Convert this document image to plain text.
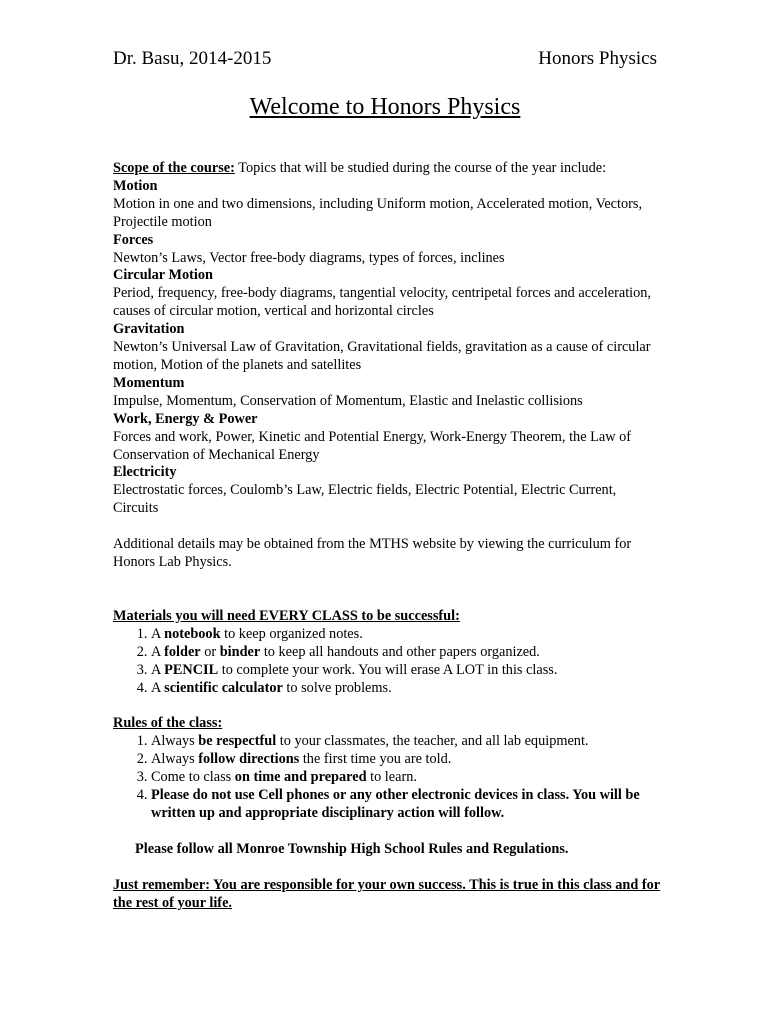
Dr. Basu, 2014-2015	Honors Physics
Welcome to Honors Physics

Scope of the course: Topics that will be studied during the course of the year include:

Motion

Motion in one and two dimensions, including Uniform motion, Accelerated motion, Vectors, Projectile motion

Forces

Newton’s Laws, Vector free-body diagrams, types of forces, inclines

Circular Motion

Period, frequency, free-body diagrams, tangential velocity, centripetal forces and acceleration, causes of circular motion, vertical and horizontal circles

Gravitation

Newton’s Universal Law of Gravitation, Gravitational fields, gravitation as a cause of circular motion, Motion of the planets and satellites

Momentum

Impulse, Momentum, Conservation of Momentum, Elastic and Inelastic collisions

Work, Energy & Power

Forces and work, Power, Kinetic and Potential Energy, Work-Energy Theorem, the Law of Conservation of Mechanical Energy

Electricity

Electrostatic forces, Coulomb’s Law, Electric fields, Electric Potential, Electric Current, Circuits

Additional details may be obtained from the MTHS website by viewing the curriculum for Honors Lab Physics.

Materials you will need EVERY CLASS to be successful:

1. A notebook to keep organized notes.
2. A folder or binder to keep all handouts and other papers organized.
3. A PENCIL to complete your work. You will erase A LOT in this class.
4. A scientific calculator to solve problems.

Rules of the class:

1. Always be respectful to your classmates, the teacher, and all lab equipment.
2. Always follow directions the first time you are told.
3. Come to class on time and prepared to learn.
4. Please do not use Cell phones or any other electronic devices in class. You will be written up and appropriate disciplinary action will follow.

Please follow all Monroe Township High School Rules and Regulations.

Just remember: You are responsible for your own success. This is true in this class and for the rest of your life.
